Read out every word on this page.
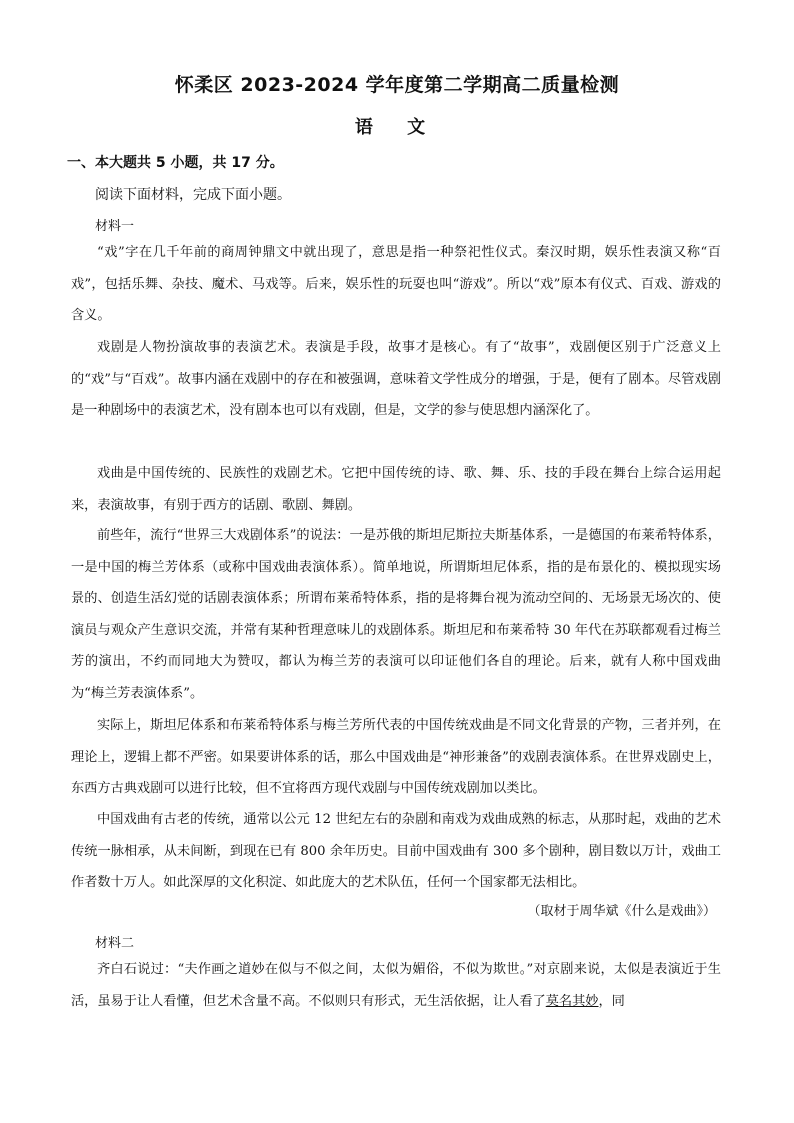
怀柔区 2023-2024 学年度第二学期高二质量检测
语 文
一、本大题共 5 小题，共 17 分。
阅读下面材料，完成下面小题。
材料一
“戏”字在几千年前的商周钟鼎文中就出现了，意思是指一种祭祀性仪式。秦汉时期，娱乐性表演又称“百戏”，包括乐舞、杂技、魔术、马戏等。后来，娱乐性的玩耍也叫“游戏”。所以“戏”原本有仪式、百戏、游戏的含义。
戏剧是人物扮演故事的表演艺术。表演是手段，故事才是核心。有了“故事”，戏剧便区别于广泛意义上的“戏”与“百戏”。故事内涵在戏剧中的存在和被强调，意味着文学性成分的增强，于是，便有了剧本。尽管戏剧是一种剧场中的表演艺术，没有剧本也可以有戏剧，但是，文学的参与使思想内涵深化了。
戏曲是中国传统的、民族性的戏剧艺术。它把中国传统的诗、歌、舞、乐、技的手段在舞台上综合运用起来，表演故事，有别于西方的话剧、歌剧、舞剧。
前些年，流行“世界三大戏剧体系”的说法：一是苏俄的斯坦尼斯拉夫斯基体系，一是德国的布莱希特体系，一是中国的梅兰芳体系（或称中国戏曲表演体系）。简单地说，所谓斯坦尼体系，指的是布景化的、模拟现实场景的、创造生活幻觉的话剧表演体系；所谓布莱希特体系，指的是将舞台视为流动空间的、无场景无场次的、使演员与观众产生意识交流，并常有某种哲理意味儿的戏剧体系。斯坦尼和布莱希特 30 年代在苏联都观看过梅兰芳的演出，不约而同地大为赞叹，都认为梅兰芳的表演可以印证他们各自的理论。后来，就有人称中国戏曲为“梅兰芳表演体系”。
实际上，斯坦尼体系和布莱希特体系与梅兰芳所代表的中国传统戏曲是不同文化背景的产物，三者并列，在理论上，逻辑上都不严密。如果要讲体系的话，那么中国戏曲是“神形兼备”的戏剧表演体系。在世界戏剧史上，东西方古典戏剧可以进行比较，但不宜将西方现代戏剧与中国传统戏剧加以类比。
中国戏曲有古老的传统，通常以公元 12 世纪左右的杂剧和南戏为戏曲成熟的标志，从那时起，戏曲的艺术传统一脉相承，从未间断，到现在已有 800 余年历史。目前中国戏曲有 300 多个剧种，剧目数以万计，戏曲工作者数十万人。如此深厚的文化积淀、如此庞大的艺术队伍，任何一个国家都无法相比。
（取材于周华斌《什么是戏曲》）
材料二
齐白石说过：“夫作画之道妙在似与不似之间，太似为媚俗，不似为欺世。”对京剧来说，太似是表演近于生活，虽易于让人看懂，但艺术含量不高。不似则只有形式，无生活依据，让人看了莫名其妙，同
